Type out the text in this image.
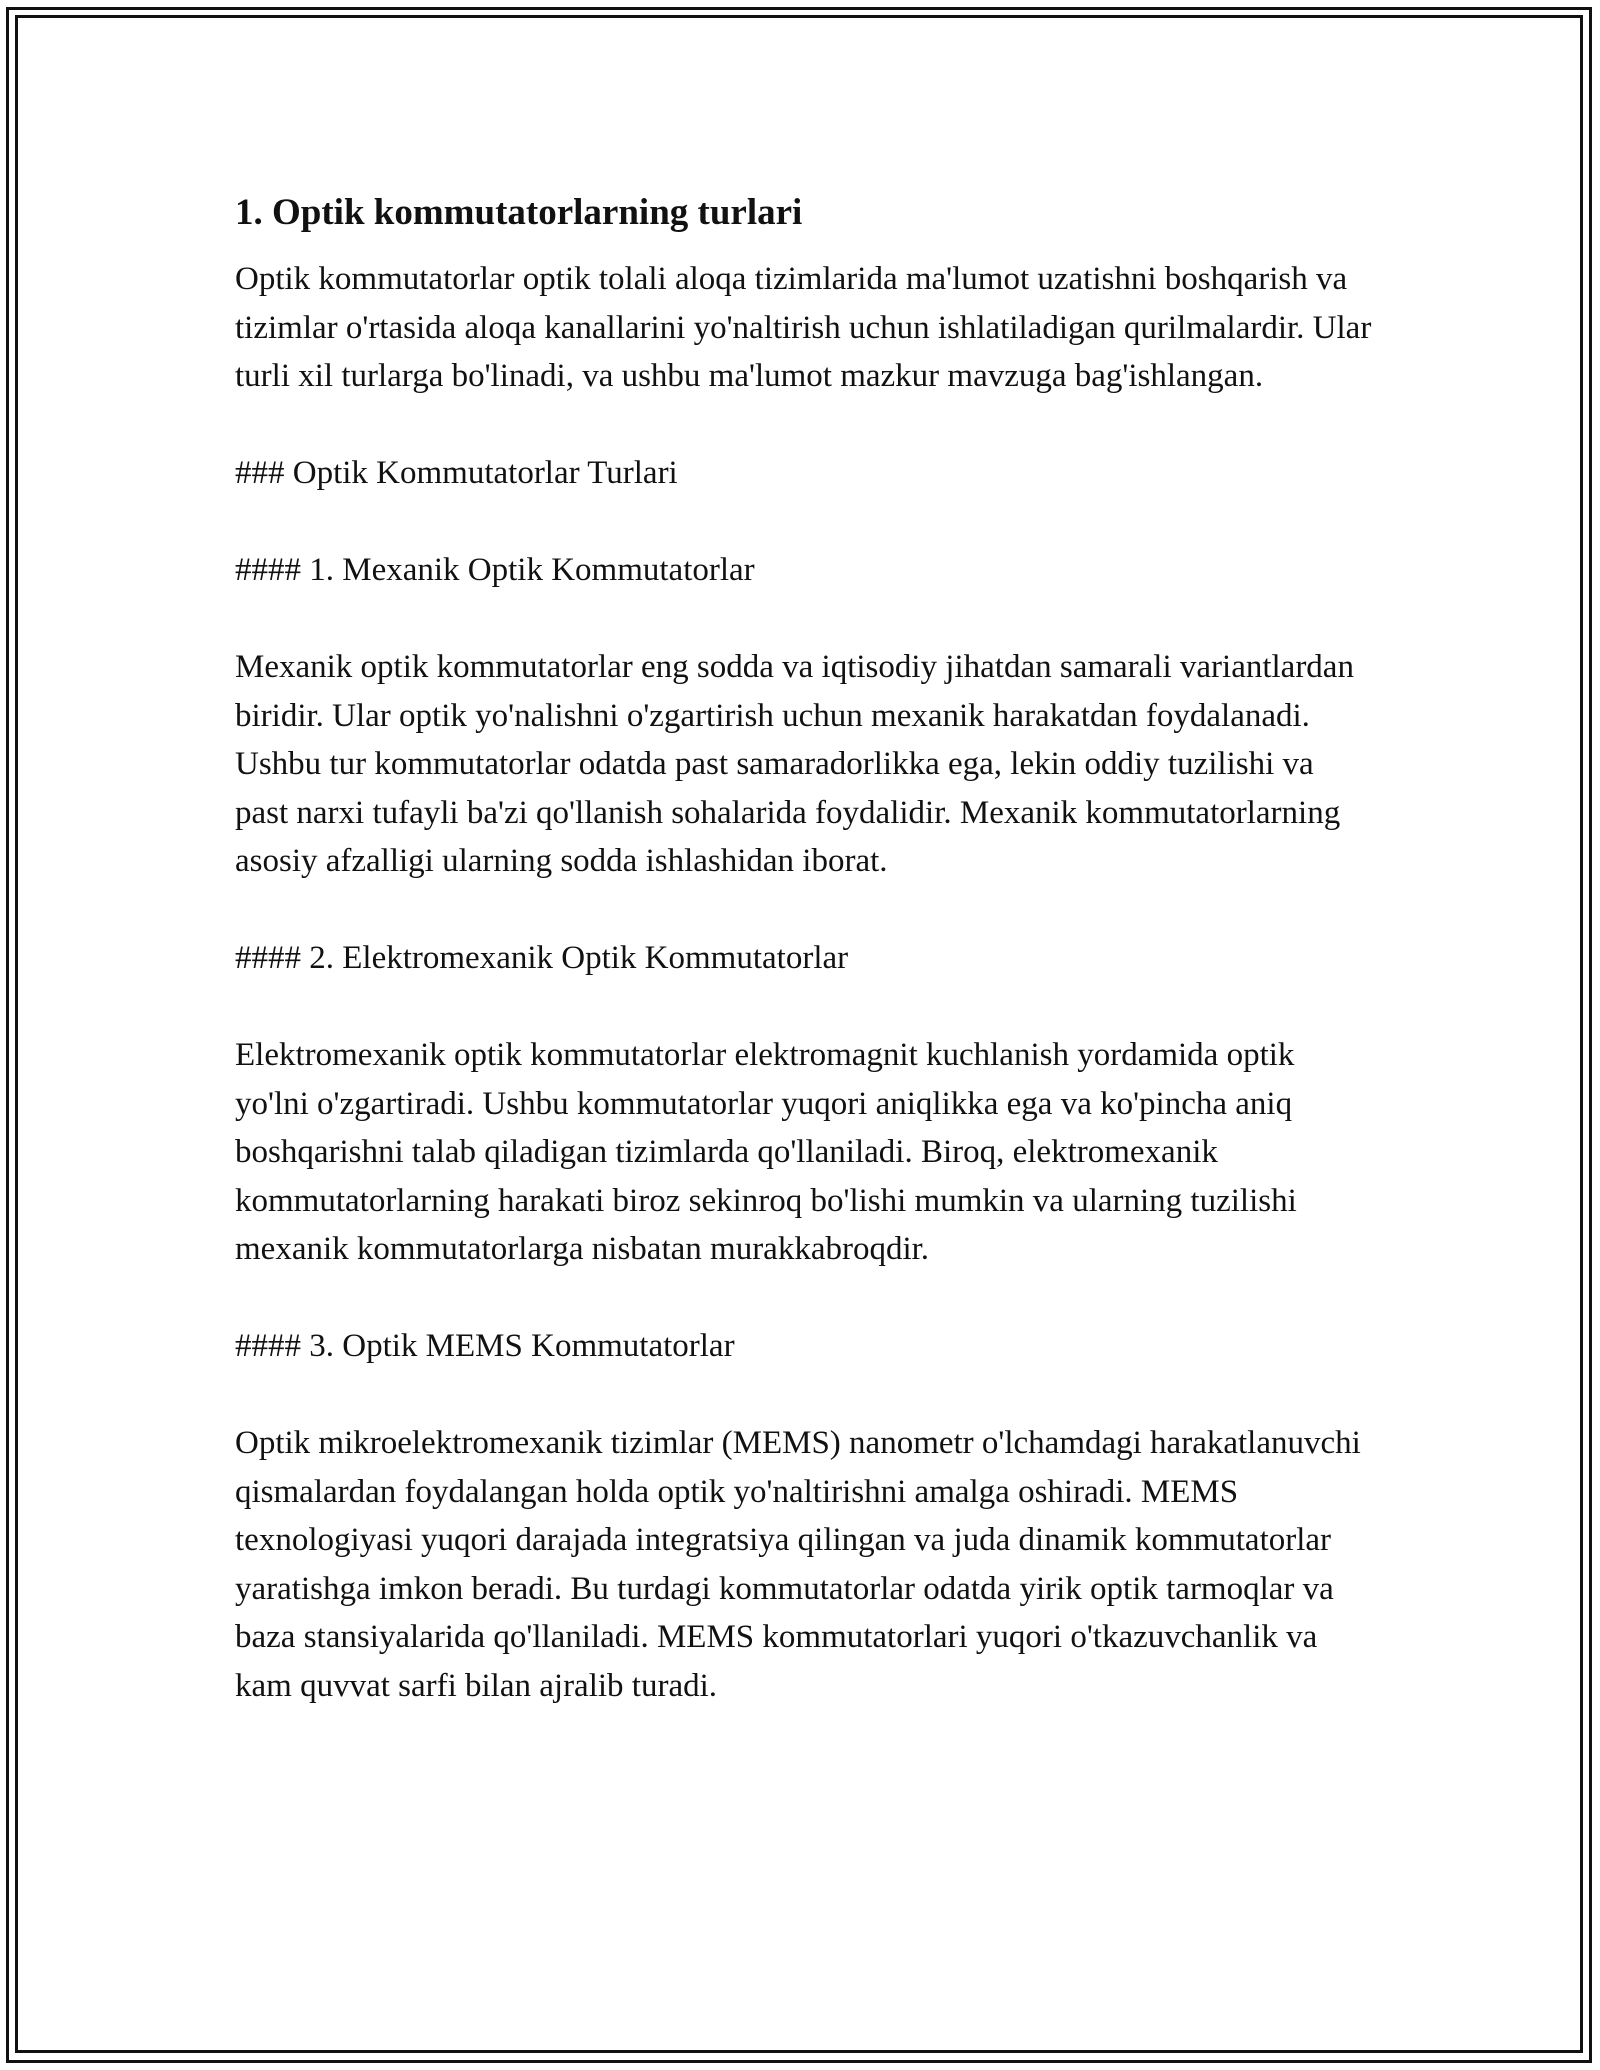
1. Optik kommutatorlarning turlari

Optik kommutatorlar optik tolali aloqa tizimlarida ma'lumot uzatishni boshqarish va tizimlar o'rtasida aloqa kanallarini yo'naltirish uchun ishlatiladigan qurilmalardir. Ular turli xil turlarga bo'linadi, va ushbu ma'lumot mazkur mavzuga bag'ishlangan.

### Optik Kommutatorlar Turlari

#### 1. Mexanik Optik Kommutatorlar

Mexanik optik kommutatorlar eng sodda va iqtisodiy jihatdan samarali variantlardan biridir. Ular optik yo'nalishni o'zgartirish uchun mexanik harakatdan foydalanadi. Ushbu tur kommutatorlar odatda past samaradorlikka ega, lekin oddiy tuzilishi va past narxi tufayli ba'zi qo'llanish sohalarida foydalidir. Mexanik kommutatorlarning asosiy afzalligi ularning sodda ishlashidan iborat.

#### 2. Elektromexanik Optik Kommutatorlar

Elektromexanik optik kommutatorlar elektromagnit kuchlanish yordamida optik yo'lni o'zgartiradi. Ushbu kommutatorlar yuqori aniqlikka ega va ko'pincha aniq boshqarishni talab qiladigan tizimlarda qo'llaniladi. Biroq, elektromexanik kommutatorlarning harakati biroz sekinroq bo'lishi mumkin va ularning tuzilishi mexanik kommutatorlarga nisbatan murakkabroqdir.

#### 3. Optik MEMS Kommutatorlar

Optik mikroelektromexanik tizimlar (MEMS) nanometr o'lchamdagi harakatlanuvchi qismalardan foydalangan holda optik yo'naltirishni amalga oshiradi. MEMS texnologiyasi yuqori darajada integratsiya qilingan va juda dinamik kommutatorlar yaratishga imkon beradi. Bu turdagi kommutatorlar odatda yirik optik tarmoqlar va baza stansiyalarida qo'llaniladi. MEMS kommutatorlari yuqori o'tkazuvchanlik va kam quvvat sarfi bilan ajralib turadi.
